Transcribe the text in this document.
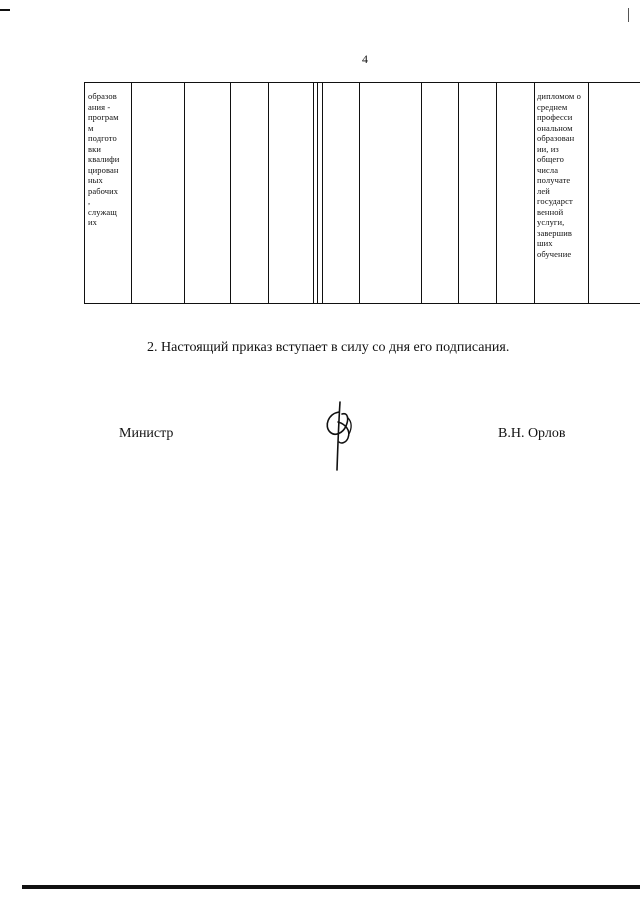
4
образов
ания -
програм
м
подгото
вки
квалифи
цирован
ных
рабочих
,
служащ
их
дипломом о
среднем
професси
ональном
образован
ии, из
общего
числа
получате
лей
государст
венной
услуги,
завершив
ших
обучение
2. Настоящий приказ вступает в силу со дня его подписания.
Министр	В.Н. Орлов
